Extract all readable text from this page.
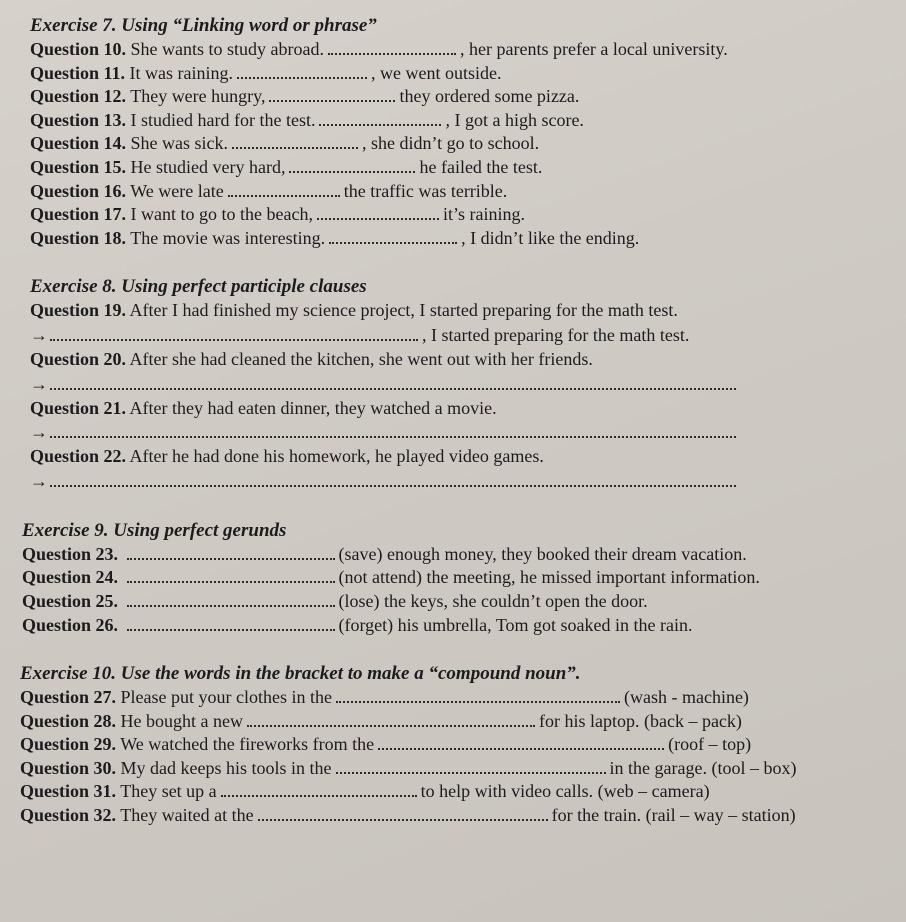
Exercise 7. Using “Linking word or phrase”
Question 10. She wants to study abroad.	, her parents prefer a local university.
Question 11. It was raining.	, we went outside.
Question 12. They were hungry,	they ordered some pizza.
Question 13. I studied hard for the test.	, I got a high score.
Question 14. She was sick.	, she didn’t go to school.
Question 15. He studied very hard,	he failed the test.
Question 16. We were late	the traffic was terrible.
Question 17. I want to go to the beach,	it’s raining.
Question 18. The movie was interesting.	, I didn’t like the ending.
Exercise 8. Using perfect participle clauses
Question 19. After I had finished my science project, I started preparing for the math test.
→	, I started preparing for the math test.
Question 20. After she had cleaned the kitchen, she went out with her friends.
→
Question 21. After they had eaten dinner, they watched a movie.
→
Question 22. After he had done his homework, he played video games.
→
Exercise 9. Using perfect gerunds
Question 23.	(save) enough money, they booked their dream vacation.
Question 24.	(not attend) the meeting, he missed important information.
Question 25.	(lose) the keys, she couldn’t open the door.
Question 26.	(forget) his umbrella, Tom got soaked in the rain.
Exercise 10. Use the words in the bracket to make a “compound noun”.
Question 27. Please put your clothes in the	(wash - machine)
Question 28. He bought a new	for his laptop. (back – pack)
Question 29. We watched the fireworks from the	(roof – top)
Question 30. My dad keeps his tools in the	in the garage. (tool – box)
Question 31. They set up a	to help with video calls. (web – camera)
Question 32. They waited at the	for the train. (rail – way – station)
